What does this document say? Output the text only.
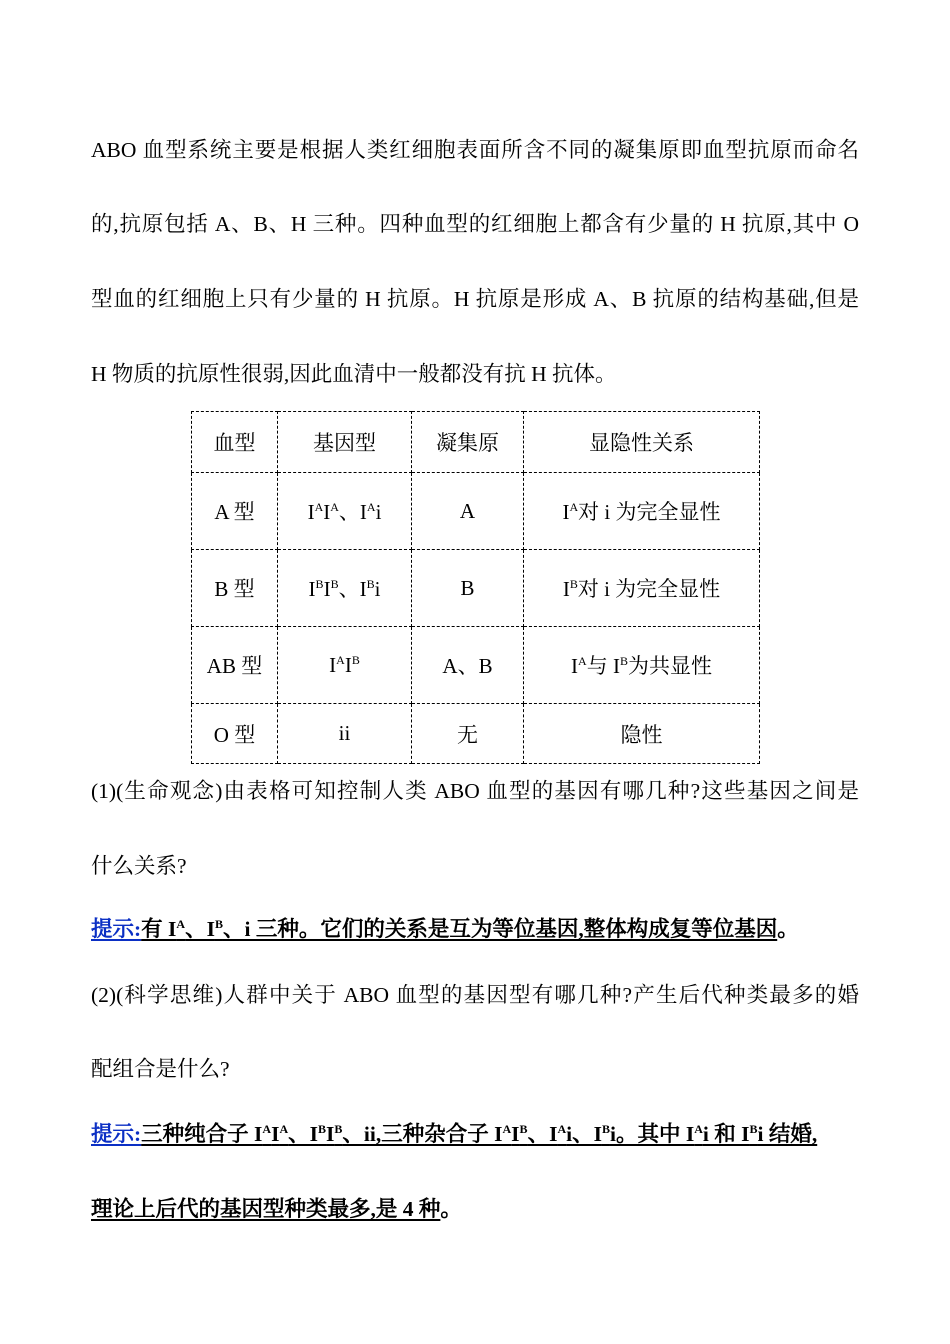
ABO 血型系统主要是根据人类红细胞表面所含不同的凝集原即血型抗原而命名
的,抗原包括 A、B、H 三种。四种血型的红细胞上都含有少量的 H 抗原,其中 O
型血的红细胞上只有少量的 H 抗原。H 抗原是形成 A、B 抗原的结构基础,但是
H 物质的抗原性很弱,因此血清中一般都没有抗 H 抗体。
血型	基因型	凝集原	显隐性关系
A 型	$I^AI^A$、$I^Ai$	A	$I^A$对 i 为完全显性
B 型	$I^BI^B$、$I^Bi$	B	$I^B$对 i 为完全显性
AB 型	$I^AI^B$	A、B	$I^A$与 $I^B$为共显性
O 型	ii	无	隐性
(1)(生命观念)由表格可知控制人类 ABO 血型的基因有哪几种?这些基因之间是
什么关系?
提示:有 $I^A$、$I^B$、i 三种。它们的关系是互为等位基因,整体构成复等位基因。
(2)(科学思维)人群中关于 ABO 血型的基因型有哪几种?产生后代种类最多的婚
配组合是什么?
提示:三种纯合子 $I^AI^A$、$I^BI^B$、ii,三种杂合子 $I^AI^B$、$I^Ai$、$I^Bi$。其中 $I^Ai$ 和 $I^Bi$ 结婚,
理论上后代的基因型种类最多,是 4 种。
